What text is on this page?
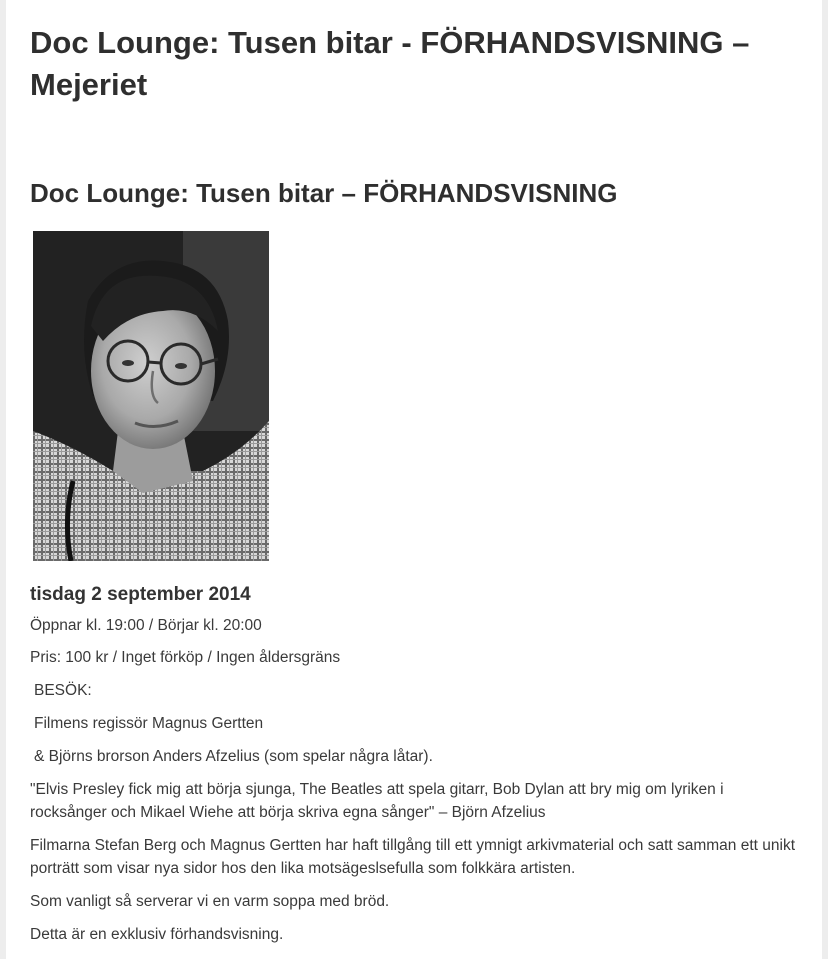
Doc Lounge: Tusen bitar - FÖRHANDSVISNING – Mejeriet
Doc Lounge: Tusen bitar – FÖRHANDSVISNING
tisdag 2 september 2014
Öppnar kl. 19:00 / Börjar kl. 20:00
Pris: 100 kr / Inget förköp / Ingen åldersgräns
BESÖK:
Filmens regissör Magnus Gertten
& Björns brorson Anders Afzelius (som spelar några låtar).
"Elvis Presley fick mig att börja sjunga, The Beatles att spela gitarr, Bob Dylan att bry mig om lyriken i rocksånger och Mikael Wiehe att börja skriva egna sånger" – Björn Afzelius
Filmarna Stefan Berg och Magnus Gertten har haft tillgång till ett ymnigt arkivmaterial och satt samman ett unikt porträtt som visar nya sidor hos den lika motsägeslsefulla som folkkära artisten.
Som vanligt så serverar vi en varm soppa med bröd.
Detta är en exklusiv förhandsvisning.
